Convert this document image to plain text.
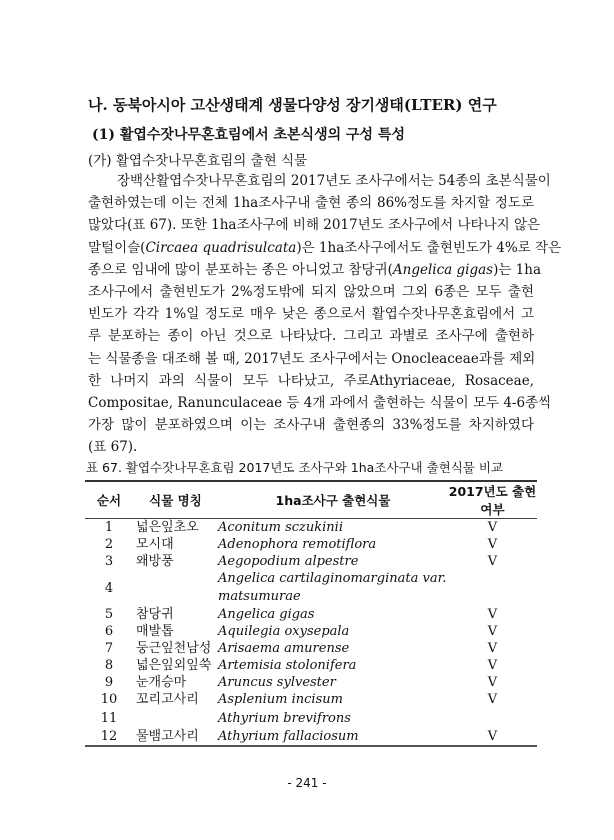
나. 동북아시아 고산생태계 생물다양성 장기생태(LTER) 연구
(1) 활엽수잣나무혼효림에서 초본식생의 구성 특성
(가) 활엽수잣나무혼효림의 출현 식물
장백산활엽수잣나무혼효림의 2017년도 조사구에서는 54종의 초본식물이
출현하였는데 이는 전체 1ha조사구내 출현 종의 86%정도를 차지할 정도로
많았다(표 67). 또한 1ha조사구에 비해 2017년도 조사구에서 나타나지 않은
말털이슬(Circaea quadrisulcata)은 1ha조사구에서도 출현빈도가 4%로 작은
종으로 임내에 많이 분포하는 종은 아니었고 참당귀(Angelica gigas)는 1ha
조사구에서 출현빈도가 2%정도밖에 되지 않았으며 그외 6종은 모두 출현
빈도가 각각 1%일 정도로 매우 낮은 종으로서 활엽수잣나무혼효림에서 고
루 분포하는 종이 아닌 것으로 나타났다. 그리고 과별로 조사구에 출현하
는 식물종을 대조해 볼 때, 2017년도 조사구에서는 Onocleaceae과를 제외
한 나머지 과의 식물이 모두 나타났고, 주로Athyriaceae, Rosaceae,
Compositae, Ranunculaceae 등 4개 과에서 출현하는 식물이 모두 4-6종씩
가장 많이 분포하였으며 이는 조사구내 출현종의 33%정도를 차지하였다
(표 67).
표 67. 활엽수잣나무혼효림 2017년도 조사구와 1ha조사구내 출현식물 비교
순서	식물 명칭	1ha조사구 출현식물	2017년도 출현여부
1	넓은잎초오	Aconitum sczukinii	V
2	모시대	Adenophora remotiflora	V
3	왜방풍	Aegopodium alpestre	V
4		Angelica cartilaginomarginata var. matsumurae	
5	참당귀	Angelica gigas	V
6	매발톱	Aquilegia oxysepala	V
7	둥근잎천남성	Arisaema amurense	V
8	넓은잎외잎쑥	Artemisia stolonifera	V
9	눈개승마	Aruncus sylvester	V
10	꼬리고사리	Asplenium incisum	V
11		Athyrium brevifrons	
12	물뱀고사리	Athyrium fallaciosum	V
- 241 -
